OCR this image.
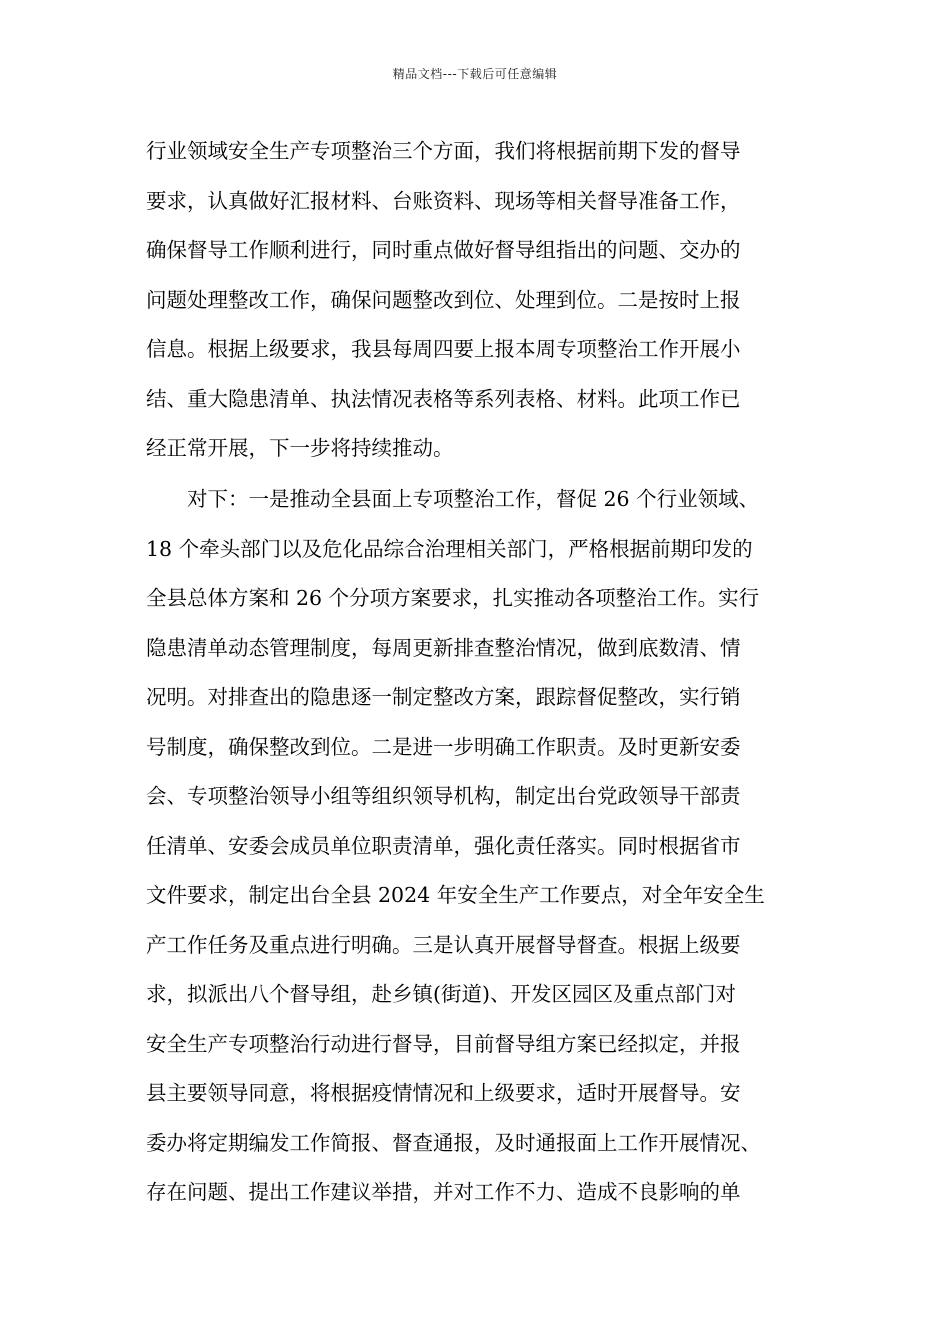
精品文档---下载后可任意编辑
行业领域安全生产专项整治三个方面，我们将根据前期下发的督导
要求，认真做好汇报材料、台账资料、现场等相关督导准备工作，
确保督导工作顺利进行，同时重点做好督导组指出的问题、交办的
问题处理整改工作，确保问题整改到位、处理到位。二是按时上报
信息。根据上级要求，我县每周四要上报本周专项整治工作开展小
结、重大隐患清单、执法情况表格等系列表格、材料。此项工作已
经正常开展，下一步将持续推动。
对下：一是推动全县面上专项整治工作，督促 26 个行业领域、
18 个牵头部门以及危化品综合治理相关部门，严格根据前期印发的
全县总体方案和 26 个分项方案要求，扎实推动各项整治工作。实行
隐患清单动态管理制度，每周更新排查整治情况，做到底数清、情
况明。对排查出的隐患逐一制定整改方案，跟踪督促整改，实行销
号制度，确保整改到位。二是进一步明确工作职责。及时更新安委
会、专项整治领导小组等组织领导机构，制定出台党政领导干部责
任清单、安委会成员单位职责清单，强化责任落实。同时根据省市
文件要求，制定出台全县 2024 年安全生产工作要点，对全年安全生
产工作任务及重点进行明确。三是认真开展督导督查。根据上级要
求，拟派出八个督导组，赴乡镇(街道)、开发区园区及重点部门对
安全生产专项整治行动进行督导，目前督导组方案已经拟定，并报
县主要领导同意，将根据疫情情况和上级要求，适时开展督导。安
委办将定期编发工作简报、督查通报，及时通报面上工作开展情况、
存在问题、提出工作建议举措，并对工作不力、造成不良影响的单
